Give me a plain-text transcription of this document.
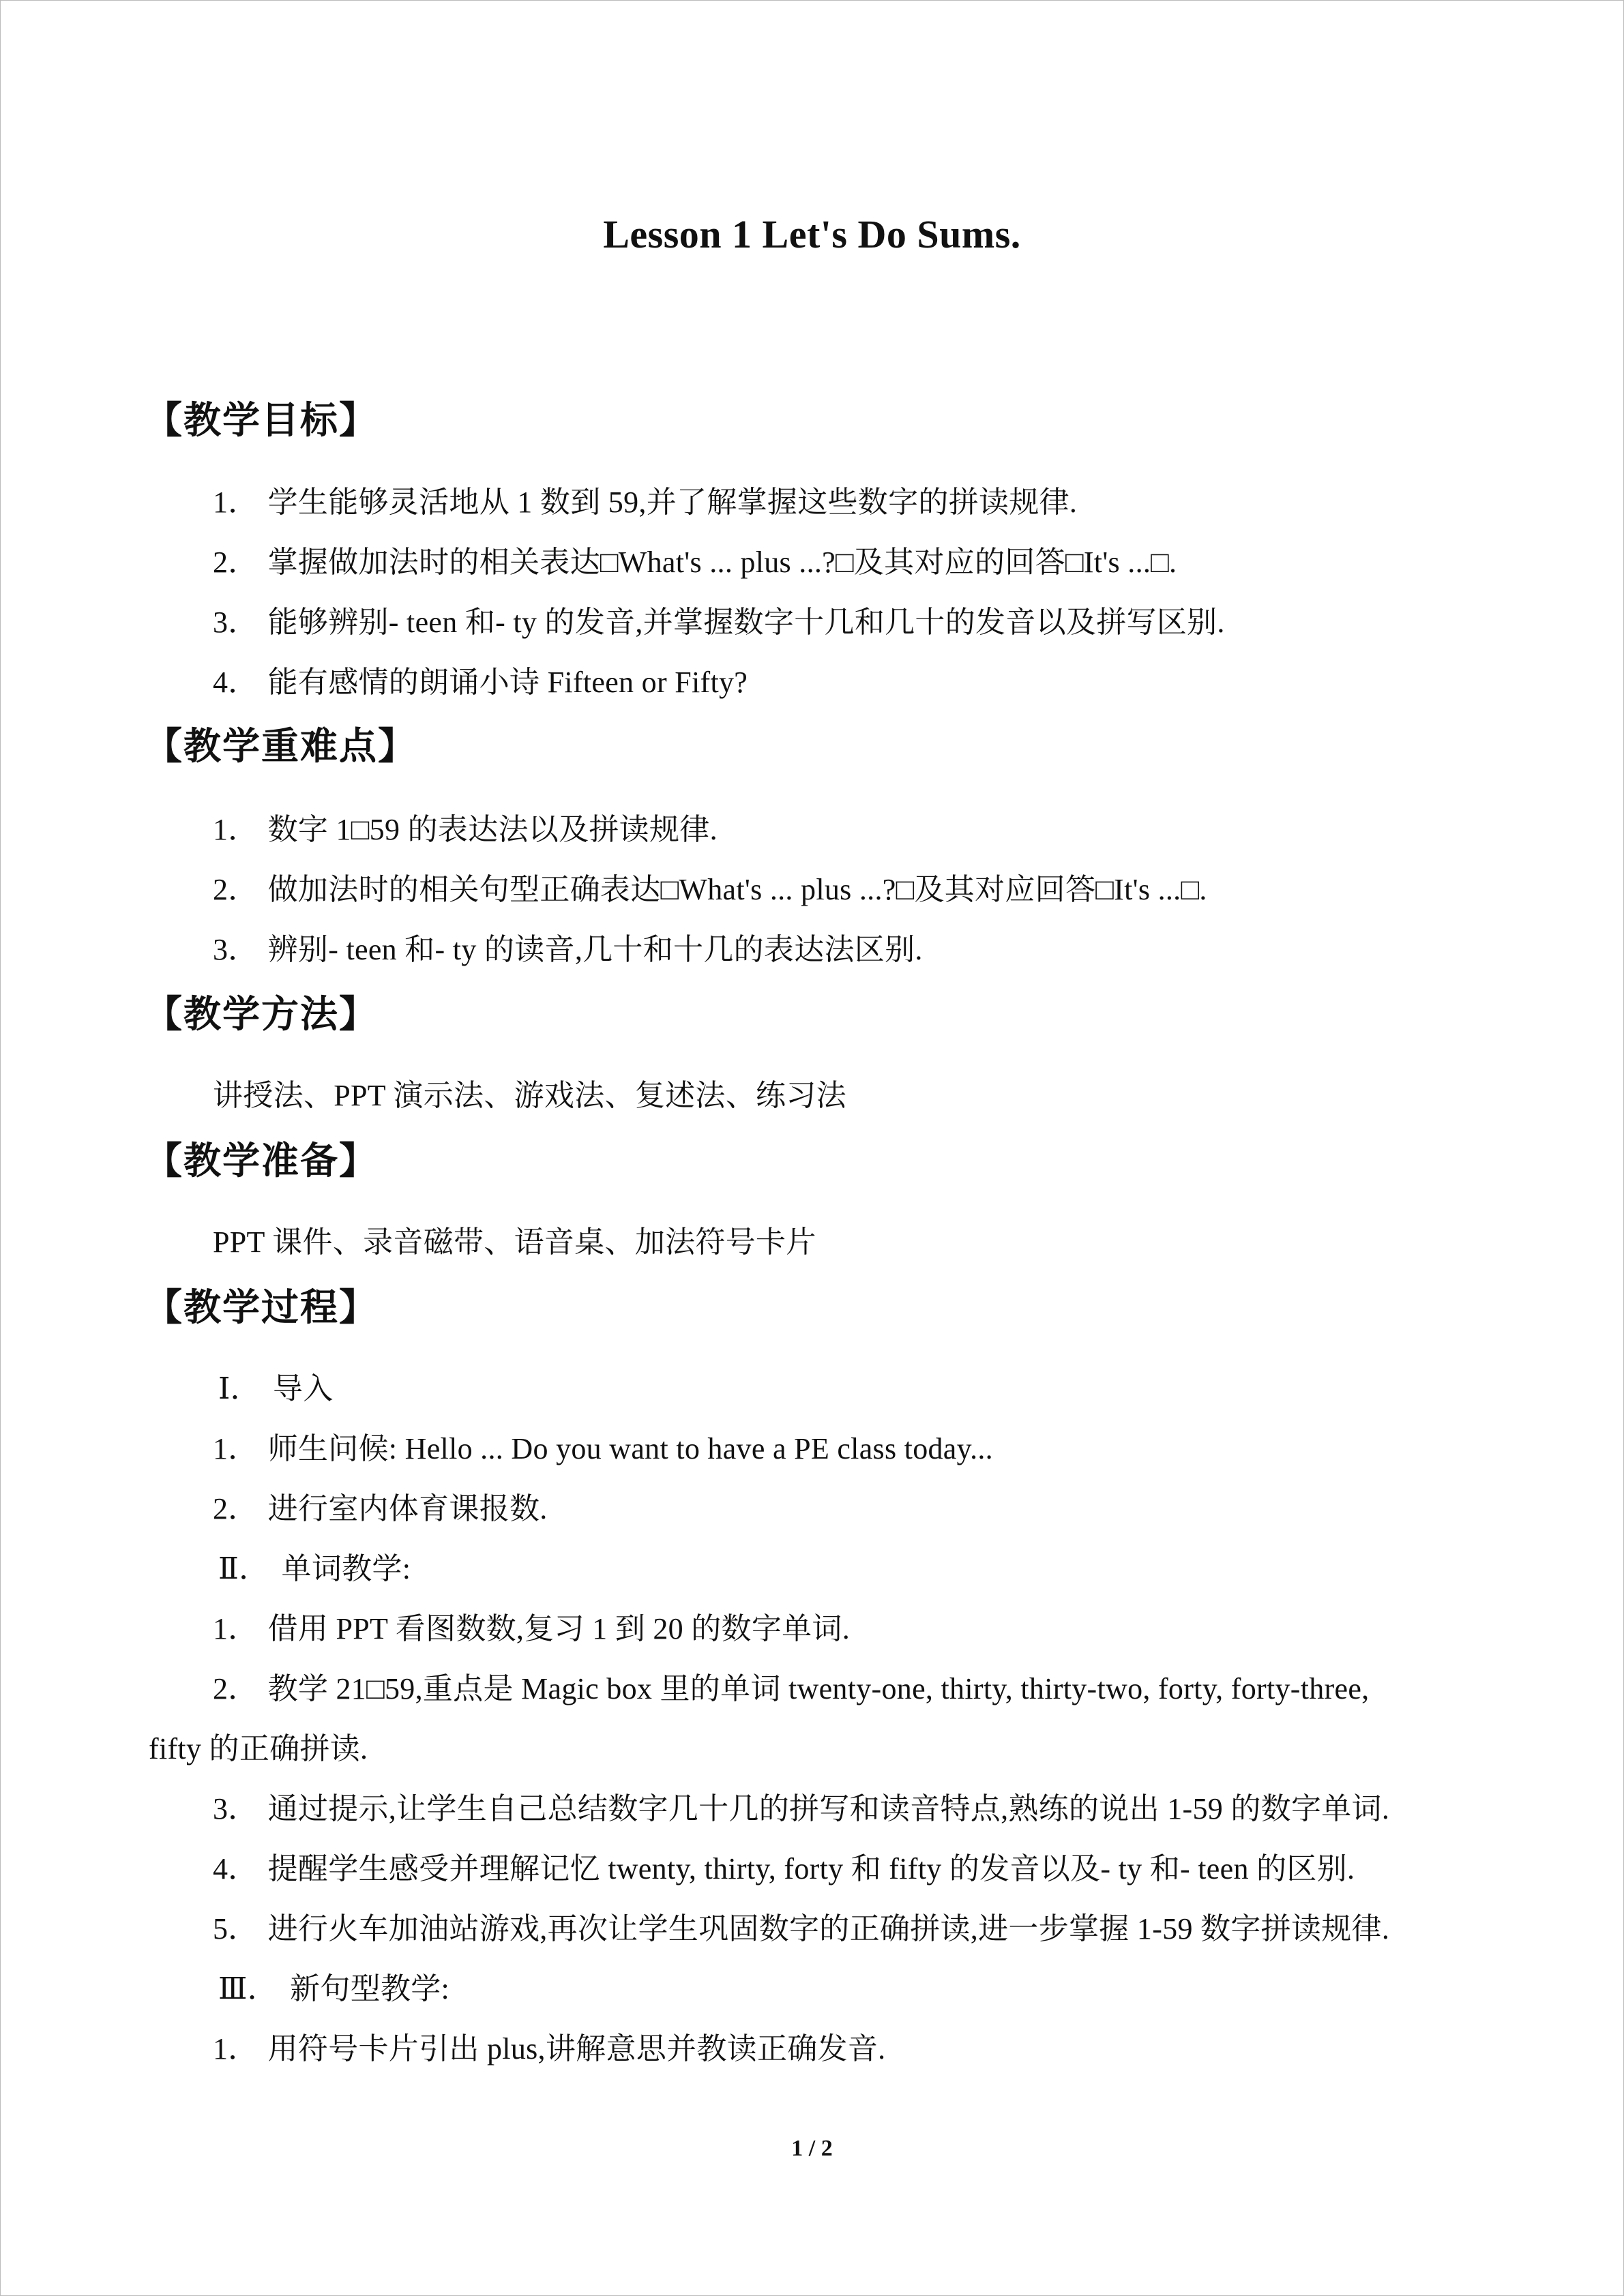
Lesson 1 Let's Do Sums.
【教学目标】
1． 学生能够灵活地从 1 数到 59,并了解掌握这些数字的拼读规律.
2． 掌握做加法时的相关表达□What's ... plus ...?□及其对应的回答□It's ...□.
3． 能够辨别- teen 和- ty 的发音,并掌握数字十几和几十的发音以及拼写区别.
4． 能有感情的朗诵小诗 Fifteen or Fifty?
【教学重难点】
1． 数字 1□59 的表达法以及拼读规律.
2． 做加法时的相关句型正确表达□What's ... plus ...?□及其对应回答□It's ...□.
3． 辨别- teen 和- ty 的读音,几十和十几的表达法区别.
【教学方法】
讲授法、PPT 演示法、游戏法、复述法、练习法
【教学准备】
PPT 课件、录音磁带、语音桌、加法符号卡片
【教学过程】
Ⅰ． 导入
1． 师生问候: Hello ... Do you want to have a PE class today...
2． 进行室内体育课报数.
Ⅱ． 单词教学:
1． 借用 PPT 看图数数,复习 1 到 20 的数字单词.
2． 教学 21□59,重点是 Magic box 里的单词 twenty-one, thirty, thirty-two, forty, forty-three,
fifty 的正确拼读.
3． 通过提示,让学生自己总结数字几十几的拼写和读音特点,熟练的说出 1-59 的数字单词.
4． 提醒学生感受并理解记忆 twenty, thirty, forty 和 fifty 的发音以及- ty 和- teen 的区别.
5． 进行火车加油站游戏,再次让学生巩固数字的正确拼读,进一步掌握 1-59 数字拼读规律.
Ⅲ． 新句型教学:
1． 用符号卡片引出 plus,讲解意思并教读正确发音.
1 / 2
